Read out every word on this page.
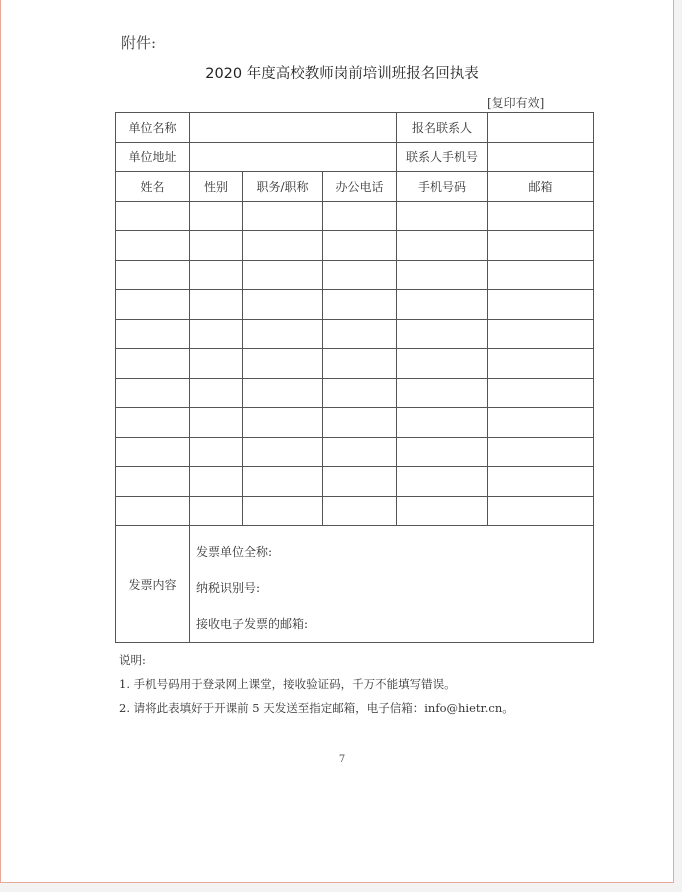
附件:
2020 年度高校教师岗前培训班报名回执表
[复印有效]
单位名称				报名联系人	
单位地址				联系人手机号	
姓名	性别	职务/职称	办公电话	手机号码	邮箱

发票内容	发票单位全称:
纳税识别号:
接收电子发票的邮箱:				
说明:
1. 手机号码用于登录网上课堂，接收验证码，千万不能填写错误。
2. 请将此表填好于开课前 5 天发送至指定邮箱，电子信箱：info@hietr.cn。
7
